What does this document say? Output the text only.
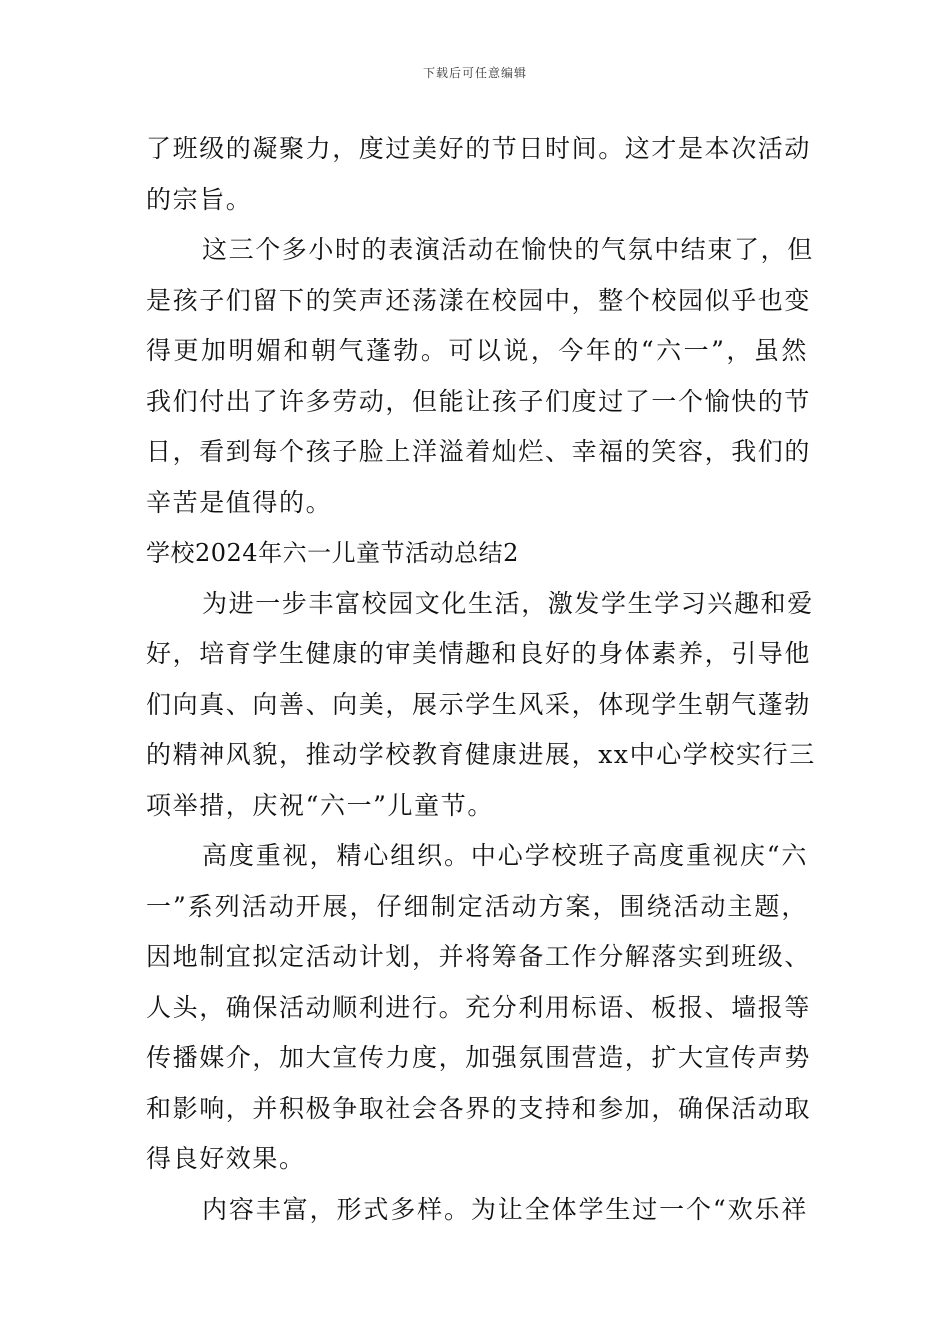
下载后可任意编辑
了班级的凝聚力，度过美好的节日时间。这才是本次活动
的宗旨。
这三个多小时的表演活动在愉快的气氛中结束了，但
是孩子们留下的笑声还荡漾在校园中，整个校园似乎也变
得更加明媚和朝气蓬勃。可以说，今年的“六一”，虽然
我们付出了许多劳动，但能让孩子们度过了一个愉快的节
日，看到每个孩子脸上洋溢着灿烂、幸福的笑容，我们的
辛苦是值得的。
学校2024年六一儿童节活动总结2
为进一步丰富校园文化生活，激发学生学习兴趣和爱
好，培育学生健康的审美情趣和良好的身体素养，引导他
们向真、向善、向美，展示学生风采，体现学生朝气蓬勃
的精神风貌，推动学校教育健康进展，xx中心学校实行三
项举措，庆祝“六一”儿童节。
高度重视，精心组织。中心学校班子高度重视庆“六
一”系列活动开展，仔细制定活动方案，围绕活动主题，
因地制宜拟定活动计划，并将筹备工作分解落实到班级、
人头，确保活动顺利进行。充分利用标语、板报、墙报等
传播媒介，加大宣传力度，加强氛围营造，扩大宣传声势
和影响，并积极争取社会各界的支持和参加，确保活动取
得良好效果。
内容丰富，形式多样。为让全体学生过一个“欢乐祥
